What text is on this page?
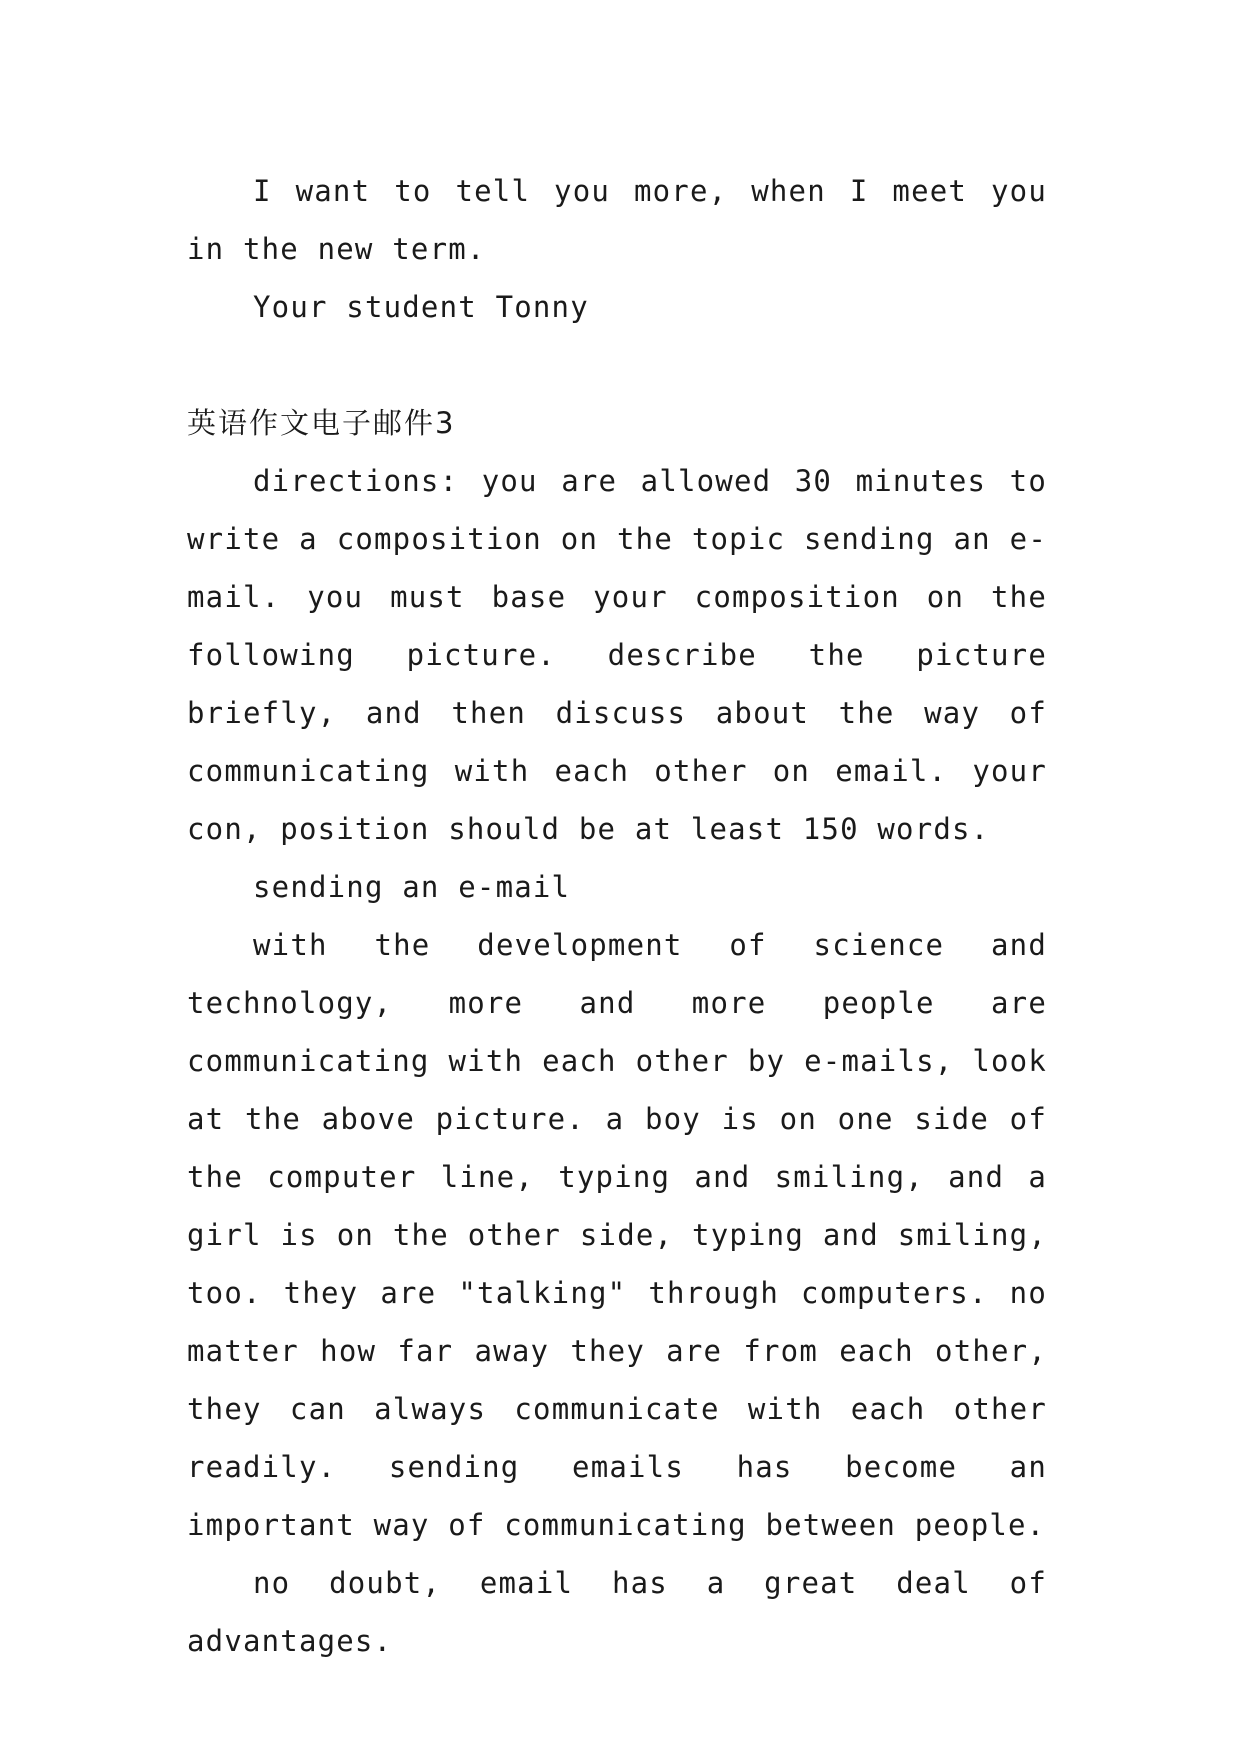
I want to tell you more, when I meet you in the new term.

Your student Tonny

英语作文电子邮件3

directions: you are allowed 30 minutes to write a composition on the topic sending an e-mail. you must base your composition on the following picture. describe the picture briefly, and then discuss about the way of communicating with each other on email. your con, position should be at least 150 words.

sending an e-mail

with the development of science and technology, more and more people are communicating with each other by e-mails, look at the above picture. a boy is on one side of the computer line, typing and smiling, and a girl is on the other side, typing and smiling, too. they are "talking" through computers. no matter how far away they are from each other, they can always communicate with each other readily. sending emails has become an important way of communicating between people.

no doubt, email has a great deal of advantages.
